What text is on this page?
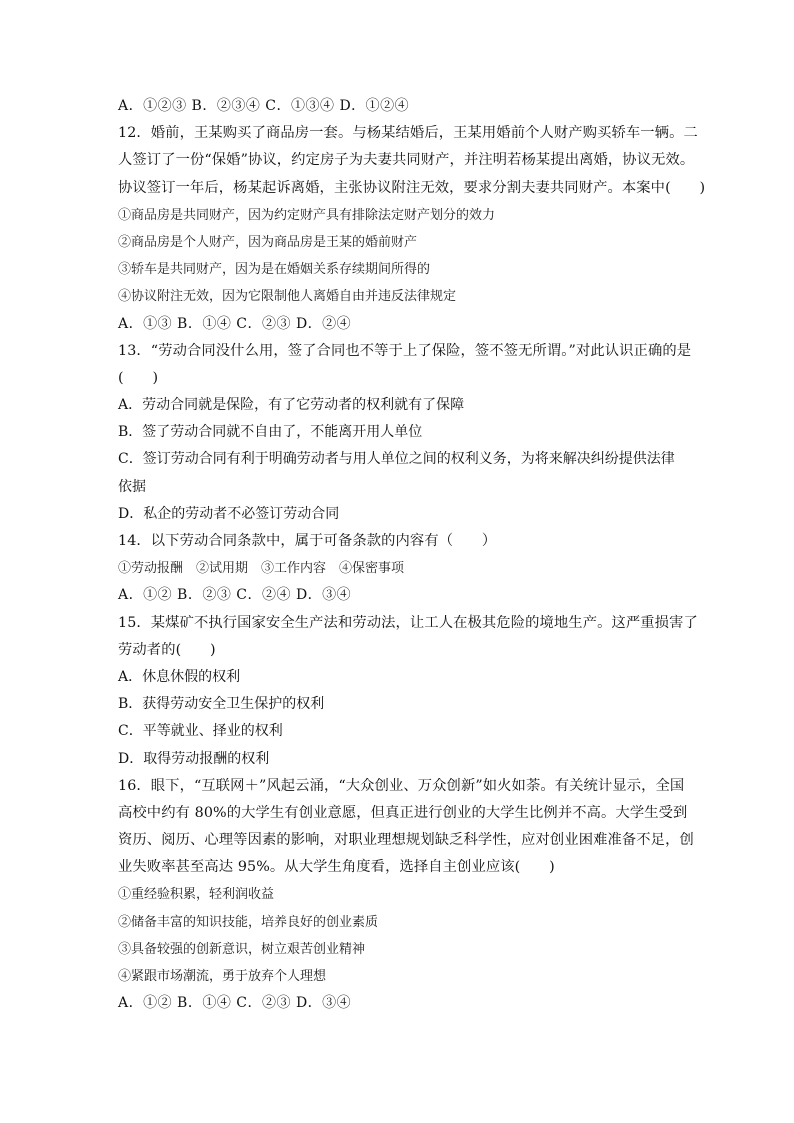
A．①②③ B．②③④ C．①③④ D．①②④
12．婚前，王某购买了商品房一套。与杨某结婚后，王某用婚前个人财产购买轿车一辆。二
人签订了一份“保婚”协议，约定房子为夫妻共同财产，并注明若杨某提出离婚，协议无效。
协议签订一年后，杨某起诉离婚，主张协议附注无效，要求分割夫妻共同财产。本案中(　　)
①商品房是共同财产，因为约定财产具有排除法定财产划分的效力
②商品房是个人财产，因为商品房是王某的婚前财产
③轿车是共同财产，因为是在婚姻关系存续期间所得的
④协议附注无效，因为它限制他人离婚自由并违反法律规定
A．①③ B．①④ C．②③ D．②④
13．“劳动合同没什么用，签了合同也不等于上了保险，签不签无所谓。”对此认识正确的是
(　　)
A．劳动合同就是保险，有了它劳动者的权利就有了保障
B．签了劳动合同就不自由了，不能离开用人单位
C．签订劳动合同有利于明确劳动者与用人单位之间的权利义务，为将来解决纠纷提供法律
依据
D．私企的劳动者不必签订劳动合同
14．以下劳动合同条款中，属于可备条款的内容有（　　）
①劳动报酬　②试用期　③工作内容　④保密事项
A．①② B．②③ C．②④ D．③④
15．某煤矿不执行国家安全生产法和劳动法，让工人在极其危险的境地生产。这严重损害了
劳动者的(　　)
A．休息休假的权利
B．获得劳动安全卫生保护的权利
C．平等就业、择业的权利
D．取得劳动报酬的权利
16．眼下，“互联网＋”风起云涌，“大众创业、万众创新”如火如荼。有关统计显示，全国
高校中约有 80%的大学生有创业意愿，但真正进行创业的大学生比例并不高。大学生受到
资历、阅历、心理等因素的影响，对职业理想规划缺乏科学性，应对创业困难准备不足，创
业失败率甚至高达 95%。从大学生角度看，选择自主创业应该(　　)
①重经验积累，轻利润收益
②储备丰富的知识技能，培养良好的创业素质
③具备较强的创新意识，树立艰苦创业精神
④紧跟市场潮流，勇于放弃个人理想
A．①② B．①④ C．②③ D．③④
